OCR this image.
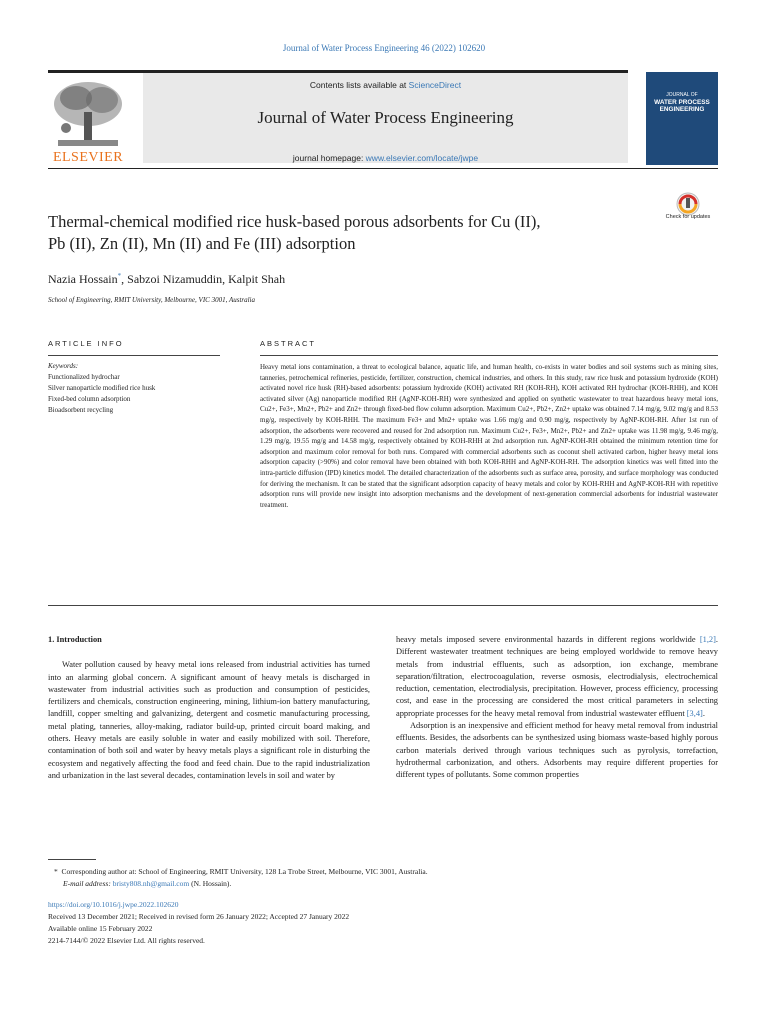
Journal of Water Process Engineering 46 (2022) 102620
ELSEVIER
Contents lists available at ScienceDirect
Journal of Water Process Engineering
journal homepage: www.elsevier.com/locate/jwpe
JOURNAL OF
WATER PROCESS
ENGINEERING
Thermal-chemical modified rice husk-based porous adsorbents for Cu (II),
Pb (II), Zn (II), Mn (II) and Fe (III) adsorption
Check for updates
Nazia Hossain*, Sabzoi Nizamuddin, Kalpit Shah
School of Engineering, RMIT University, Melbourne, VIC 3001, Australia
ARTICLE INFO
Keywords:
Functionalized hydrochar
Silver nanoparticle modified rice husk
Fixed-bed column adsorption
Bioadsorbent recycling
ABSTRACT
Heavy metal ions contamination, a threat to ecological balance, aquatic life, and human health, co-exists in water bodies and soil systems such as mining sites, tanneries, petrochemical refineries, pesticide, fertilizer, construction, chemical industries, and others. In this study, raw rice husk and potassium hydroxide (KOH) activated novel rice husk (RH)-based adsorbents: potassium hydroxide (KOH) activated RH (KOH-RH), KOH activated RH hydrochar (KOH-RHH), and KOH activated silver (Ag) nanoparticle modified RH (AgNP-KOH-RH) were synthesized and applied on synthetic wastewater to treat hazardous heavy metal ions, Cu2+, Fe3+, Mn2+, Pb2+ and Zn2+ through fixed-bed flow column adsorption. Maximum Cu2+, Pb2+, Zn2+ uptake was obtained 7.14 mg/g, 9.02 mg/g and 8.53 mg/g, respectively by KOH-RHH. The maximum Fe3+ and Mn2+ uptake was 1.66 mg/g and 0.90 mg/g, respectively by AgNP-KOH-RH. After 1st run of adsorption, the adsorbents were recovered and reused for 2nd adsorption run. Maximum Cu2+, Fe3+, Mn2+, Pb2+ and Zn2+ uptake was 11.98 mg/g, 9.46 mg/g, 1.29 mg/g, 19.55 mg/g and 14.58 mg/g, respectively obtained by KOH-RHH at 2nd adsorption run. AgNP-KOH-RH obtained the minimum retention time for adsorption and maximum color removal for both runs. Compared with commercial adsorbents such as coconut shell activated carbon, higher heavy metal ions adsorption capacity (>90%) and color removal have been obtained with both KOH-RHH and AgNP-KOH-RH. The adsorption kinetics was well fitted into the intra-particle diffusion (IPD) kinetics model. The detailed characterization of the adsorbents such as surface area, porosity, and surface morphology was conducted for deriving the mechanism. It can be stated that the significant adsorption capacity of heavy metals and color by KOH-RHH and AgNP-KOH-RH with repetitive adsorption runs will provide new insight into adsorption mechanisms and the development of next-generation commercial adsorbents for industrial wastewater treatment.
1. Introduction
Water pollution caused by heavy metal ions released from industrial activities has turned into an alarming global concern. A significant amount of heavy metals is discharged in wastewater from industrial activities such as production and consumption of pesticides, fertilizers and chemicals, construction engineering, mining, lithium-ion battery manufacturing, landfill, copper smelting and galvanizing, detergent and cosmetic manufacturing processing, metal plating, tanneries, alloy-making, radiator build-up, printed circuit board making, and others. Heavy metals are easily soluble in water and easily mobilized with soil. Therefore, contamination of both soil and water by heavy metals plays a significant role in disturbing the ecosystem and negatively affecting the food and feed chain. Due to the rapid industrialization and urbanization in the last several decades, contamination levels in soil and water by
heavy metals imposed severe environmental hazards in different regions worldwide [1,2]. Different wastewater treatment techniques are being employed worldwide to remove heavy metals from industrial effluents, such as adsorption, ion exchange, membrane separation/filtration, electrocoagulation, reverse osmosis, electrodialysis, electrochemical reduction, cementation, electrodialysis, precipitation. However, process efficiency, processing cost, and ease in the processing are considered the most critical parameters in selecting appropriate processes for the heavy metal removal from industrial wastewater effluent [3,4].
Adsorption is an inexpensive and efficient method for heavy metal removal from industrial effluents. Besides, the adsorbents can be synthesized using biomass waste-based highly porous carbon materials derived through various techniques such as pyrolysis, torrefaction, hydrothermal carbonization, and others. Adsorbents may require different properties for different types of pollutants. Some common properties
* Corresponding author at: School of Engineering, RMIT University, 128 La Trobe Street, Melbourne, VIC 3001, Australia.
E-mail address: bristy808.nh@gmail.com (N. Hossain).
https://doi.org/10.1016/j.jwpe.2022.102620
Received 13 December 2021; Received in revised form 26 January 2022; Accepted 27 January 2022
Available online 15 February 2022
2214-7144/© 2022 Elsevier Ltd. All rights reserved.
